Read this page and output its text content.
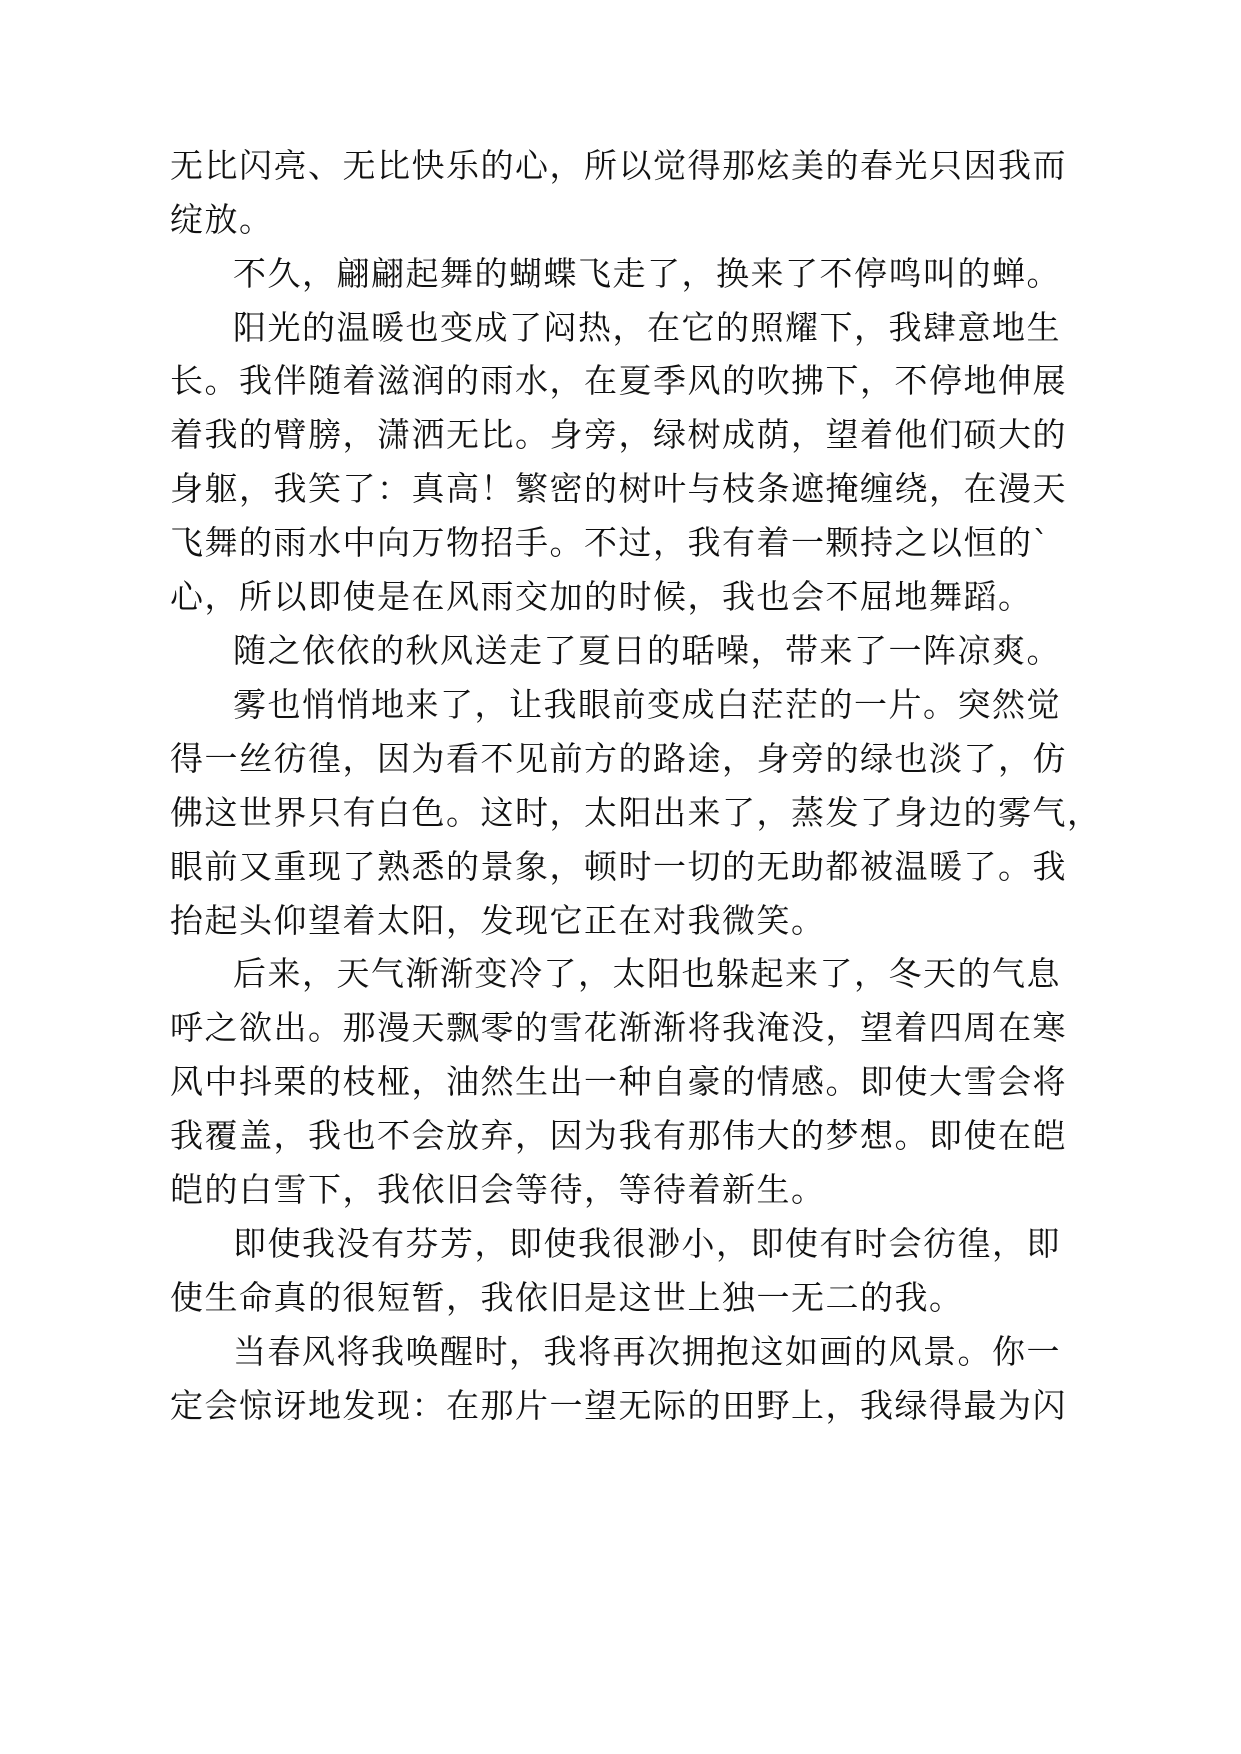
无比闪亮、无比快乐的心，所以觉得那炫美的春光只因我而
绽放。
不久，翩翩起舞的蝴蝶飞走了，换来了不停鸣叫的蝉。
阳光的温暖也变成了闷热，在它的照耀下，我肆意地生
长。我伴随着滋润的雨水，在夏季风的吹拂下，不停地伸展
着我的臂膀，潇洒无比。身旁，绿树成荫，望着他们硕大的
身躯，我笑了：真高！繁密的树叶与枝条遮掩缠绕，在漫天
飞舞的雨水中向万物招手。不过，我有着一颗持之以恒的`
心，所以即使是在风雨交加的时候，我也会不屈地舞蹈。
随之依依的秋风送走了夏日的聒噪，带来了一阵凉爽。
雾也悄悄地来了，让我眼前变成白茫茫的一片。突然觉
得一丝彷徨，因为看不见前方的路途，身旁的绿也淡了，仿
佛这世界只有白色。这时，太阳出来了，蒸发了身边的雾气，
眼前又重现了熟悉的景象，顿时一切的无助都被温暖了。我
抬起头仰望着太阳，发现它正在对我微笑。
后来，天气渐渐变冷了，太阳也躲起来了，冬天的气息
呼之欲出。那漫天飘零的雪花渐渐将我淹没，望着四周在寒
风中抖栗的枝桠，油然生出一种自豪的情感。即使大雪会将
我覆盖，我也不会放弃，因为我有那伟大的梦想。即使在皑
皑的白雪下，我依旧会等待，等待着新生。
即使我没有芬芳，即使我很渺小，即使有时会彷徨，即
使生命真的很短暂，我依旧是这世上独一无二的我。
当春风将我唤醒时，我将再次拥抱这如画的风景。你一
定会惊讶地发现：在那片一望无际的田野上，我绿得最为闪
